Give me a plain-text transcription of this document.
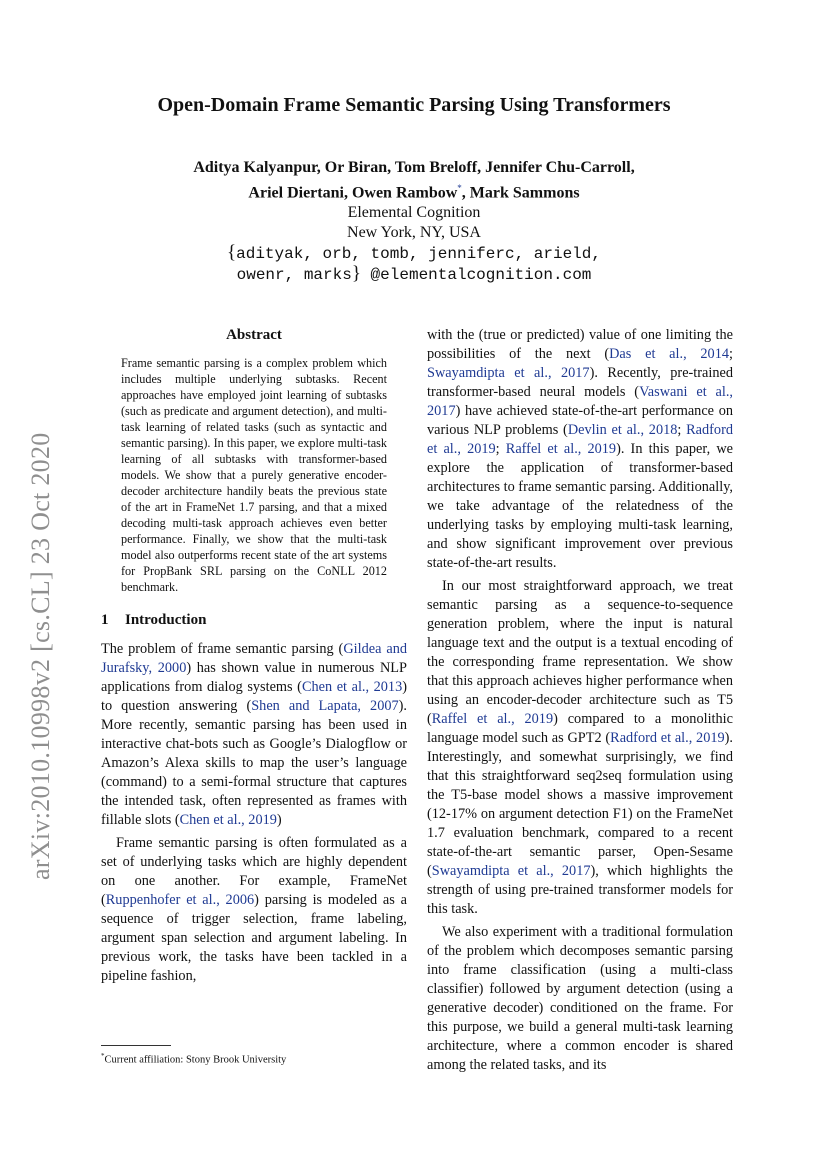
arXiv:2010.10998v2 [cs.CL] 23 Oct 2020
Open-Domain Frame Semantic Parsing Using Transformers
Aditya Kalyanpur, Or Biran, Tom Breloff, Jennifer Chu-Carroll,
Ariel Diertani, Owen Rambow*, Mark Sammons
Elemental Cognition
New York, NY, USA
{adityak, orb, tomb, jenniferc, arield,
owenr, marks} @elementalcognition.com
Abstract

Frame semantic parsing is a complex problem which includes multiple underlying subtasks. Recent approaches have employed joint learning of subtasks (such as predicate and argument detection), and multi-task learning of related tasks (such as syntactic and semantic parsing). In this paper, we explore multi-task learning of all subtasks with transformer-based models. We show that a purely generative encoder-decoder architecture handily beats the previous state of the art in FrameNet 1.7 parsing, and that a mixed decoding multi-task approach achieves even better performance. Finally, we show that the multi-task model also outperforms recent state of the art systems for PropBank SRL parsing on the CoNLL 2012 benchmark.

1 Introduction

The problem of frame semantic parsing (Gildea and Jurafsky, 2000) has shown value in numerous NLP applications from dialog systems (Chen et al., 2013) to question answering (Shen and Lapata, 2007). More recently, semantic parsing has been used in interactive chat-bots such as Google’s Dialogflow or Amazon’s Alexa skills to map the user’s language (command) to a semi-formal structure that captures the intended task, often represented as frames with fillable slots (Chen et al., 2019)

Frame semantic parsing is often formulated as a set of underlying tasks which are highly dependent on one another. For example, FrameNet (Ruppenhofer et al., 2006) parsing is modeled as a sequence of trigger selection, frame labeling, argument span selection and argument labeling. In previous work, the tasks have been tackled in a pipeline fashion,

with the (true or predicted) value of one limiting the possibilities of the next (Das et al., 2014; Swayamdipta et al., 2017). Recently, pre-trained transformer-based neural models (Vaswani et al., 2017) have achieved state-of-the-art performance on various NLP problems (Devlin et al., 2018; Radford et al., 2019; Raffel et al., 2019). In this paper, we explore the application of transformer-based architectures to frame semantic parsing. Additionally, we take advantage of the relatedness of the underlying tasks by employing multi-task learning, and show significant improvement over previous state-of-the-art results.

In our most straightforward approach, we treat semantic parsing as a sequence-to-sequence generation problem, where the input is natural language text and the output is a textual encoding of the corresponding frame representation. We show that this approach achieves higher performance when using an encoder-decoder architecture such as T5 (Raffel et al., 2019) compared to a monolithic language model such as GPT2 (Radford et al., 2019). Interestingly, and somewhat surprisingly, we find that this straightforward seq2seq formulation using the T5-base model shows a massive improvement (12-17% on argument detection F1) on the FrameNet 1.7 evaluation benchmark, compared to a recent state-of-the-art semantic parser, Open-Sesame (Swayamdipta et al., 2017), which highlights the strength of using pre-trained transformer models for this task.

We also experiment with a traditional formulation of the problem which decomposes semantic parsing into frame classification (using a multi-class classifier) followed by argument detection (using a generative decoder) conditioned on the frame. For this purpose, we build a general multi-task learning architecture, where a common encoder is shared among the related tasks, and its

*Current affiliation: Stony Brook University
